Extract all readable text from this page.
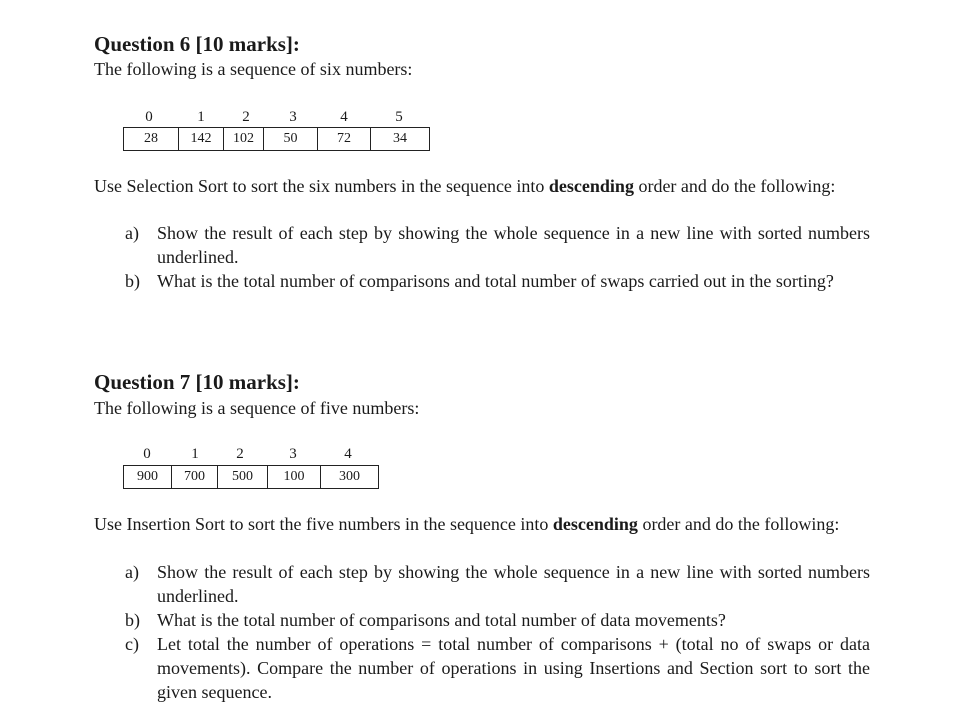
Question 6 [10 marks]:
The following is a sequence of six numbers:
0	1	2	3	4	5
28	142	102	50	72	34
Use Selection Sort to sort the six numbers in the sequence into descending order and do the following:
a)	Show the result of each step by showing the whole sequence in a new line with sorted numbers underlined.
b) What is the total number of comparisons and total number of swaps carried out in the sorting?
Question 7 [10 marks]:
The following is a sequence of five numbers:
0	1	2	3	4
900	700	500	100	300
Use Insertion Sort to sort the five numbers in the sequence into descending order and do the following:
a)	Show the result of each step by showing the whole sequence in a new line with sorted numbers underlined.
b) What is the total number of comparisons and total number of data movements?
c)	Let total the number of operations = total number of comparisons + (total no of swaps or data movements). Compare the number of operations in using Insertions and Section sort to sort the given sequence.
